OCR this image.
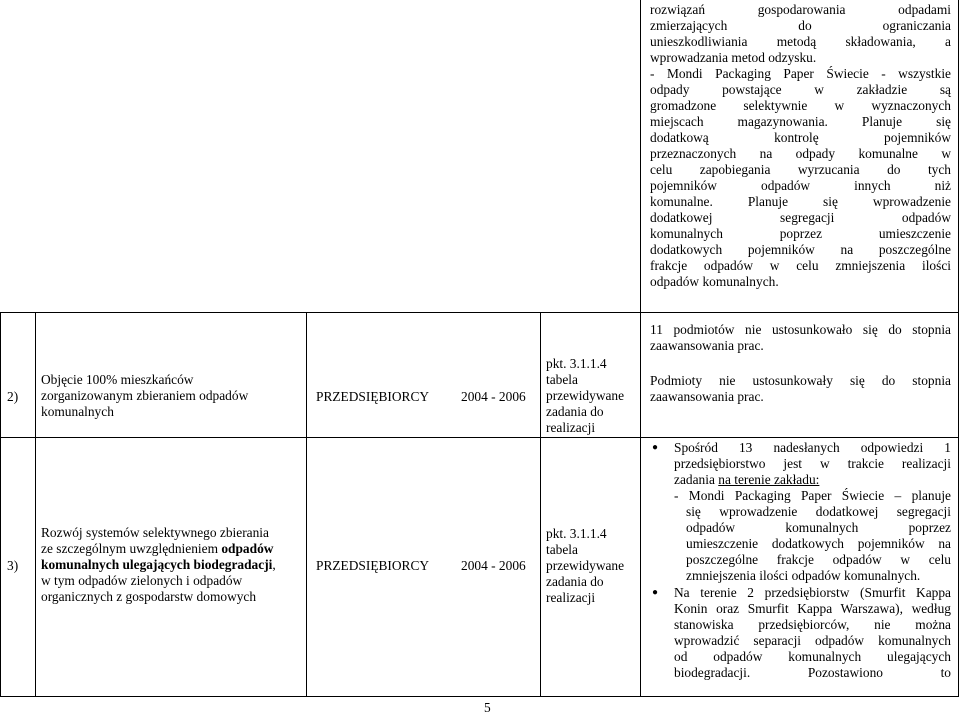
rozwiązań gospodarowania odpadami
zmierzających do ograniczania
unieszkodliwiania metodą składowania, a
wprowadzania metod odzysku.
- Mondi Packaging Paper Świecie - wszystkie
odpady powstające w zakładzie są
gromadzone selektywnie w wyznaczonych
miejscach magazynowania. Planuje się
dodatkową kontrolę pojemników
przeznaczonych na odpady komunalne w
celu zapobiegania wyrzucania do tych
pojemników odpadów innych niż
komunalne. Planuje się wprowadzenie
dodatkowej segregacji odpadów
komunalnych poprzez umieszczenie
dodatkowych pojemników na poszczególne
frakcje odpadów w celu zmniejszenia ilości
odpadów komunalnych.
2)
Objęcie 100% mieszkańców
zorganizowanym zbieraniem odpadów
komunalnych
PRZEDSIĘBIORCY 2004 - 2006
pkt. 3.1.1.4
tabela
przewidywane
zadania do
realizacji
11 podmiotów nie ustosunkowało się do stopnia
zaawansowania prac.
Podmioty nie ustosunkowały się do stopnia
zaawansowania prac.
3)
Rozwój systemów selektywnego zbierania
ze szczególnym uwzględnieniem odpadów
komunalnych ulegających biodegradacji,
w tym odpadów zielonych i odpadów
organicznych z gospodarstw domowych
PRZEDSIĘBIORCY 2004 - 2006
pkt. 3.1.1.4
tabela
przewidywane
zadania do
realizacji
● Spośród 13 nadesłanych odpowiedzi 1
przedsiębiorstwo jest w trakcie realizacji
zadania na terenie zakładu:
- Mondi Packaging Paper Świecie – planuje
się wprowadzenie dodatkowej segregacji
odpadów komunalnych poprzez
umieszczenie dodatkowych pojemników na
poszczególne frakcje odpadów w celu
zmniejszenia ilości odpadów komunalnych.
● Na terenie 2 przedsiębiorstw (Smurfit Kappa
Konin oraz Smurfit Kappa Warszawa), według
stanowiska przedsiębiorców, nie można
wprowadzić separacji odpadów komunalnych
od odpadów komunalnych ulegających
biodegradacji. Pozostawiono to
5
